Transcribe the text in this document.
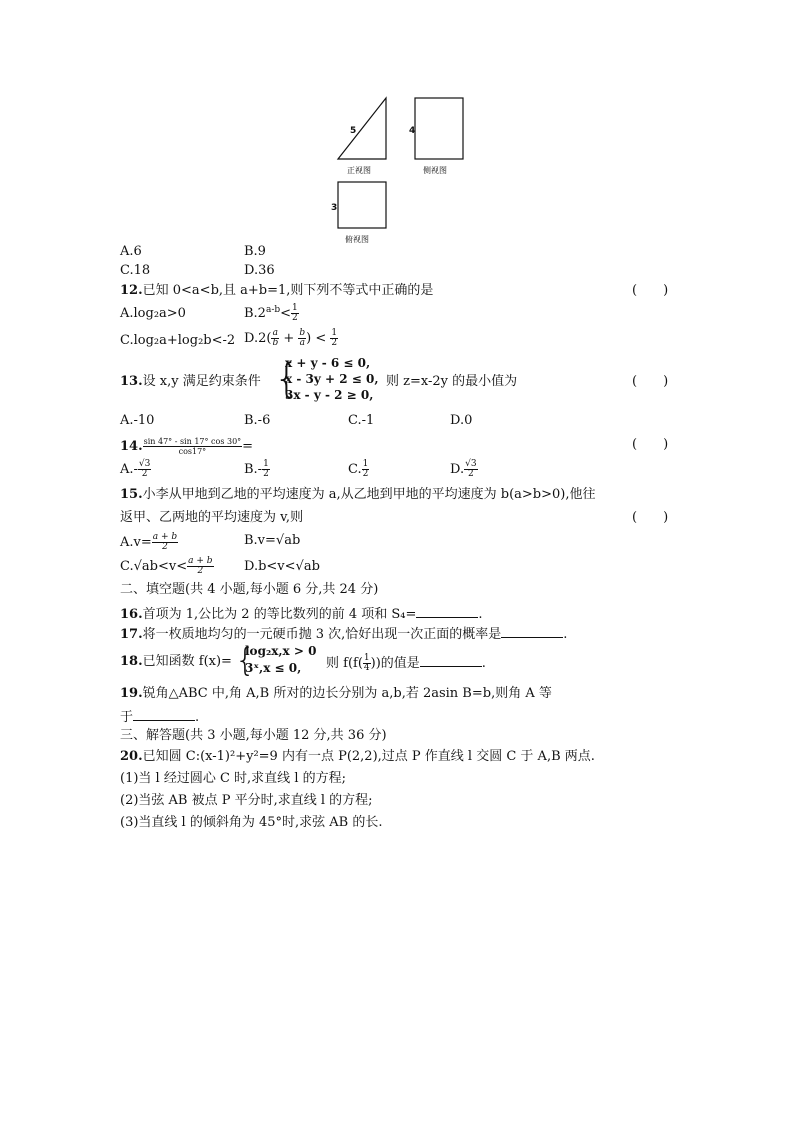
5	4
3
正视图	侧视图
俯视图
A.6	B.9
C.18	D.36
12.已知 0<a<b,且 a+b=1,则下列不等式中正确的是	(　　)
A.log₂a>0	$B.2^{a-b}< \frac{1}{2}$
C.log₂a+log₂b<-2 $D.2( \frac{a}{b} + \frac{b}{a}$ ) < $\frac{1}{2}$
13.设 x,y 满足约束条件 {
x + y - 6 ≤ 0,
x - 3y + 2 ≤ 0,
3x - y - 2 ≥ 0,
则 z=x-2y 的最小值为	(　　)
A.-10	B.-6	C.-1	D.0
14. $\frac{\sin 47^\circ - \sin 17^\circ \cos 30^\circ}{\cos 17^\circ}$ =	(　　)
$A.- \frac{√3}{2}$	$B.- \frac{1}{2}$	C. $\frac{1}{2}$	D. $\frac{√3}{2}$
15.小李从甲地到乙地的平均速度为 a,从乙地到甲地的平均速度为 b(a>b>0),他往
返甲、乙两地的平均速度为 v,则	(　　)
$A.v= \frac{a + b}{2}$	B.v=√ab
$C.√ab<v< \frac{a + b}{2} D.b<v<√ab$
二、填空题(共 4 小题,每小题 6 分,共 24 分)
16.首项为 1,公比为 2 的等比数列的前 4 项和 S₄=	.
17.将一枚质地均匀的一元硬币抛 3 次,恰好出现一次正面的概率是	.
18.已知函数 f(x)= {
log₂x,x > 0
3ˣ,x ≤ 0, 则 $f(f( \frac{1}{4}$ ))的值是	.
19.锐角△ABC 中,角 A,B 所对的边长分别为 a,b,若 2asin B=b,则角 A 等
于	.
三、解答题(共 3 小题,每小题 12 分,共 36 分)
20.已知圆 C:(x-1)²+y²=9 内有一点 P(2,2),过点 P 作直线 l 交圆 C 于 A,B 两点.
(1)当 l 经过圆心 C 时,求直线 l 的方程;
(2)当弦 AB 被点 P 平分时,求直线 l 的方程;
(3)当直线 l 的倾斜角为 45°时,求弦 AB 的长.
